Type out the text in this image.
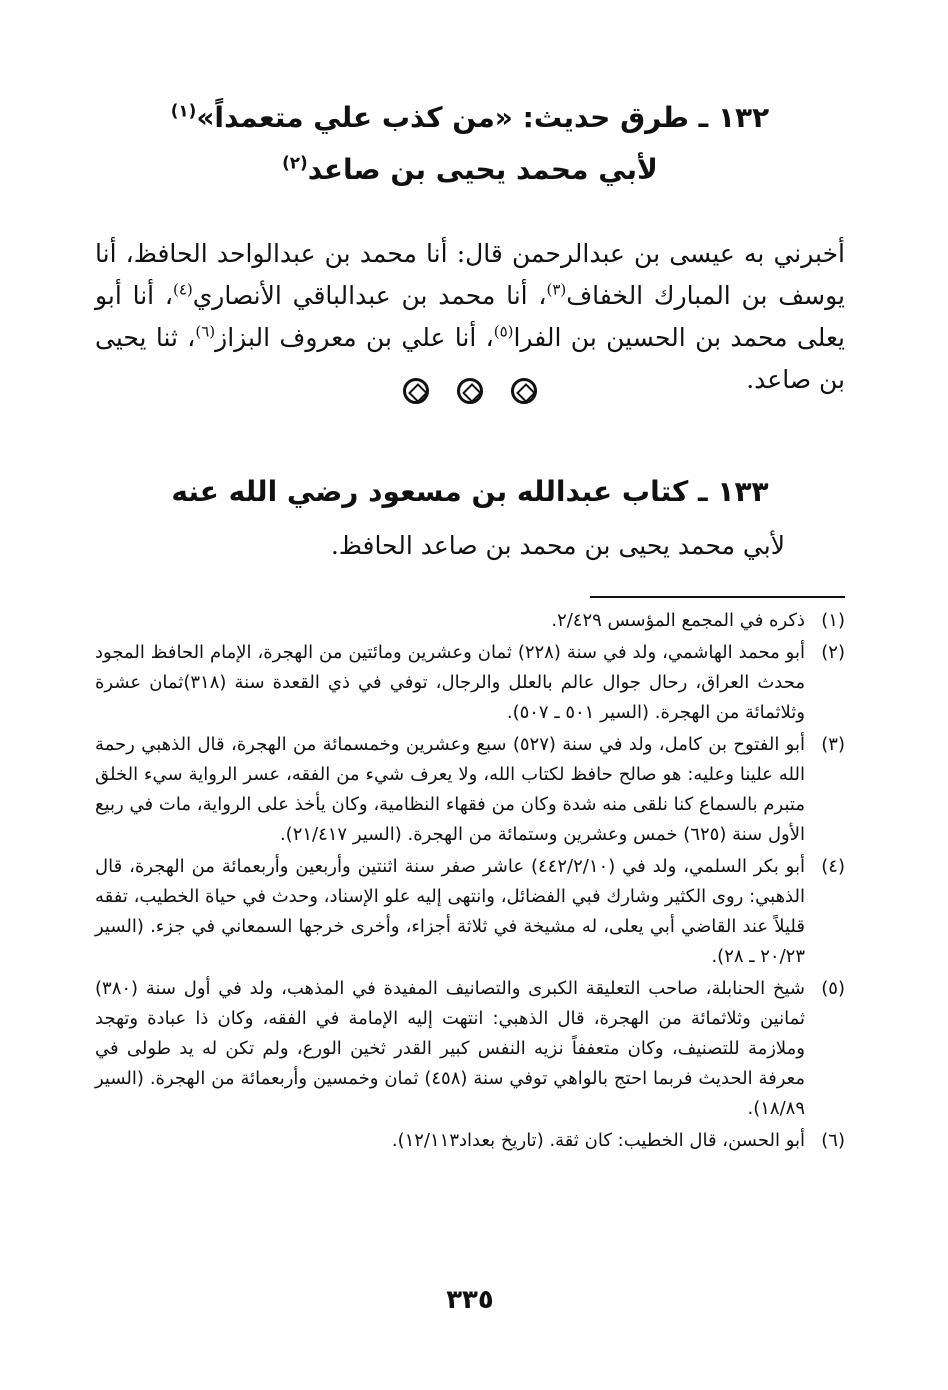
١٣٢ ـ طرق حديث: «من كذب علي متعمداً»$^{(١)}$
لأبي محمد يحيى بن صاعد$^{(٢)}$

أخبرني به عيسى بن عبدالرحمن قال: أنا محمد بن عبدالواحد الحافظ، أنا يوسف بن المبارك الخفاف$^{(٣)}$، أنا محمد بن عبدالباقي الأنصاري$^{(٤)}$، أنا أبو يعلى محمد بن الحسين بن الفرا$^{(٥)}$، أنا علي بن معروف البزاز$^{(٦)}$، ثنا يحيى بن صاعد.

١٣٣ ـ كتاب عبدالله بن مسعود رضي الله عنه

لأبي محمد يحيى بن محمد بن صاعد الحافظ.

(١)
ذكره في المجمع المؤسس ٢/٤٢٩.
(٢)
أبو محمد الهاشمي، ولد في سنة (٢٢٨) ثمان وعشرين ومائتين من الهجرة، الإمام الحافظ المجود محدث العراق، رحال جوال عالم بالعلل والرجال، توفي في ذي القعدة سنة (٣١٨)ثمان عشرة وثلاثمائة من الهجرة. (السير ٥٠١ ـ ٥٠٧).
(٣)
أبو الفتوح بن كامل، ولد في سنة (٥٢٧) سبع وعشرين وخمسمائة من الهجرة، قال الذهبي رحمة الله علينا وعليه: هو صالح حافظ لكتاب الله، ولا يعرف شيء من الفقه، عسر الرواية سيء الخلق متبرم بالسماع كنا نلقى منه شدة وكان من فقهاء النظامية، وكان يأخذ على الرواية، مات في ربيع الأول سنة (٦٢٥) خمس وعشرين وستمائة من الهجرة. (السير ٢١/٤١٧).
(٤)
أبو بكر السلمي، ولد في (٤٤٢/٢/١٠) عاشر صفر سنة اثنتين وأربعين وأربعمائة من الهجرة، قال الذهبي: روى الكثير وشارك فبي الفضائل، وانتهى إليه علو الإسناد، وحدث في حياة الخطيب، تفقه قليلاً عند القاضي أبي يعلى، له مشيخة في ثلاثة أجزاء، وأخرى خرجها السمعاني في جزء. (السير ٢٠/٢٣ ـ ٢٨).
(٥)
شيخ الحنابلة، صاحب التعليقة الكبرى والتصانيف المفيدة في المذهب، ولد في أول سنة (٣٨٠) ثمانين وثلاثمائة من الهجرة، قال الذهبي: انتهت إليه الإمامة في الفقه، وكان ذا عبادة وتهجد وملازمة للتصنيف، وكان متعففاً نزيه النفس كبير القدر ثخين الورع، ولم تكن له يد طولى في معرفة الحديث فربما احتج بالواهي توفي سنة (٤٥٨) ثمان وخمسين وأربعمائة من الهجرة. (السير ١٨/٨٩).
(٦)
أبو الحسن، قال الخطيب: كان ثقة. (تاريخ بعداد١٢/١١٣).
٣٣٥
